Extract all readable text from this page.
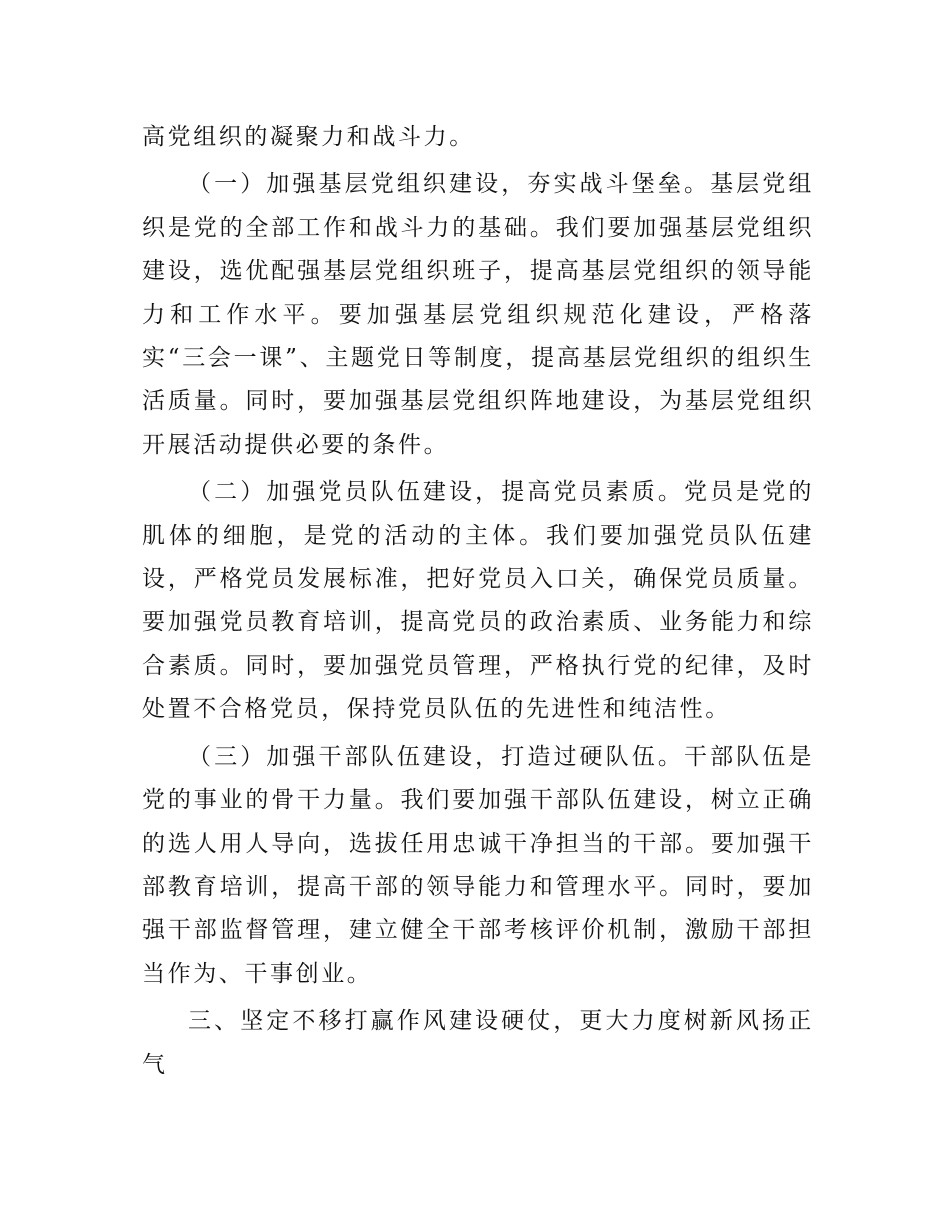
高党组织的凝聚力和战斗力。

（一）加强基层党组织建设，夯实战斗堡垒。基层党组织是党的全部工作和战斗力的基础。我们要加强基层党组织建设，选优配强基层党组织班子，提高基层党组织的领导能力和工作水平。要加强基层党组织规范化建设，严格落实“三会一课”、主题党日等制度，提高基层党组织的组织生活质量。同时，要加强基层党组织阵地建设，为基层党组织开展活动提供必要的条件。

（二）加强党员队伍建设，提高党员素质。党员是党的肌体的细胞，是党的活动的主体。我们要加强党员队伍建设，严格党员发展标准，把好党员入口关，确保党员质量。要加强党员教育培训，提高党员的政治素质、业务能力和综合素质。同时，要加强党员管理，严格执行党的纪律，及时处置不合格党员，保持党员队伍的先进性和纯洁性。

（三）加强干部队伍建设，打造过硬队伍。干部队伍是党的事业的骨干力量。我们要加强干部队伍建设，树立正确的选人用人导向，选拔任用忠诚干净担当的干部。要加强干部教育培训，提高干部的领导能力和管理水平。同时，要加强干部监督管理，建立健全干部考核评价机制，激励干部担当作为、干事创业。

三、坚定不移打赢作风建设硬仗，更大力度树新风扬正气
